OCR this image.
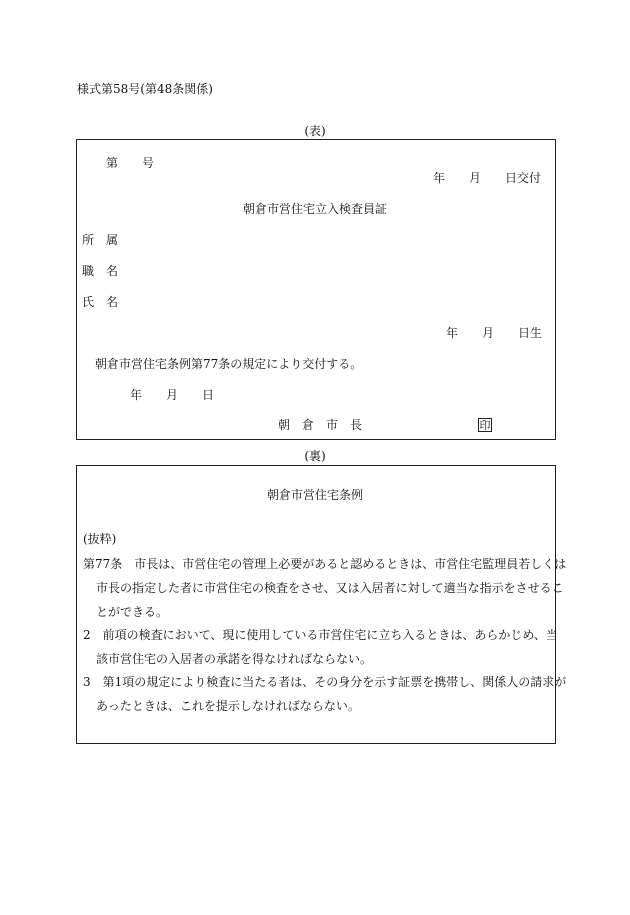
様式第58号(第48条関係)
(表)
第　　号
年　　月　　日交付
朝倉市営住宅立入検査員証
所　属
職　名
氏　名
年　　月　　日生
朝倉市営住宅条例第77条の規定により交付する。
年　　月　　日
朝　倉　市　長	印
(裏)
朝倉市営住宅条例
(抜粋)
第77条　市長は、市営住宅の管理上必要があると認めるときは、市営住宅監理員若しくは
市長の指定した者に市営住宅の検査をさせ、又は入居者に対して適当な指示をさせるこ
とができる。
2　前項の検査において、現に使用している市営住宅に立ち入るときは、あらかじめ、当
該市営住宅の入居者の承諾を得なければならない。
3　第1項の規定により検査に当たる者は、その身分を示す証票を携帯し、関係人の請求が
あったときは、これを提示しなければならない。
